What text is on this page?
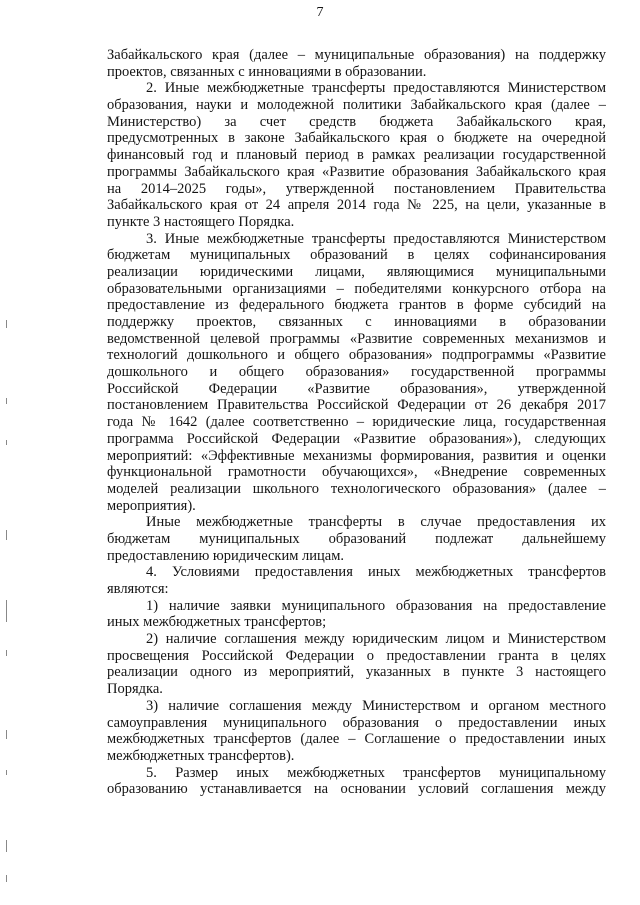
7
Забайкальского края (далее – муниципальные образования) на поддержку
проектов, связанных с инновациями в образовании.
2. Иные межбюджетные трансферты предоставляются Министерством
образования, науки и молодежной политики Забайкальского края (далее –
Министерство) за счет средств бюджета Забайкальского края,
предусмотренных в законе Забайкальского края о бюджете на очередной
финансовый год и плановый период в рамках реализации государственной
программы Забайкальского края «Развитие образования Забайкальского края
на 2014–2025 годы», утвержденной постановлением Правительства
Забайкальского края от 24 апреля 2014 года № 225, на цели, указанные в
пункте 3 настоящего Порядка.
3. Иные межбюджетные трансферты предоставляются Министерством
бюджетам муниципальных образований в целях софинансирования
реализации юридическими лицами, являющимися муниципальными
образовательными организациями – победителями конкурсного отбора на
предоставление из федерального бюджета грантов в форме субсидий на
поддержку проектов, связанных с инновациями в образовании
ведомственной целевой программы «Развитие современных механизмов и
технологий дошкольного и общего образования» подпрограммы «Развитие
дошкольного и общего образования» государственной программы
Российской Федерации «Развитие образования», утвержденной
постановлением Правительства Российской Федерации от 26 декабря 2017
года № 1642 (далее соответственно – юридические лица, государственная
программа Российской Федерации «Развитие образования»), следующих
мероприятий: «Эффективные механизмы формирования, развития и оценки
функциональной грамотности обучающихся», «Внедрение современных
моделей реализации школьного технологического образования» (далее –
мероприятия).
Иные межбюджетные трансферты в случае предоставления их
бюджетам муниципальных образований подлежат дальнейшему
предоставлению юридическим лицам.
4. Условиями предоставления иных межбюджетных трансфертов
являются:
1) наличие заявки муниципального образования на предоставление
иных межбюджетных трансфертов;
2) наличие соглашения между юридическим лицом и Министерством
просвещения Российской Федерации о предоставлении гранта в целях
реализации одного из мероприятий, указанных в пункте 3 настоящего
Порядка.
3) наличие соглашения между Министерством и органом местного
самоуправления муниципального образования о предоставлении иных
межбюджетных трансфертов (далее – Соглашение о предоставлении иных
межбюджетных трансфертов).
5. Размер иных межбюджетных трансфертов муниципальному
образованию устанавливается на основании условий соглашения между
